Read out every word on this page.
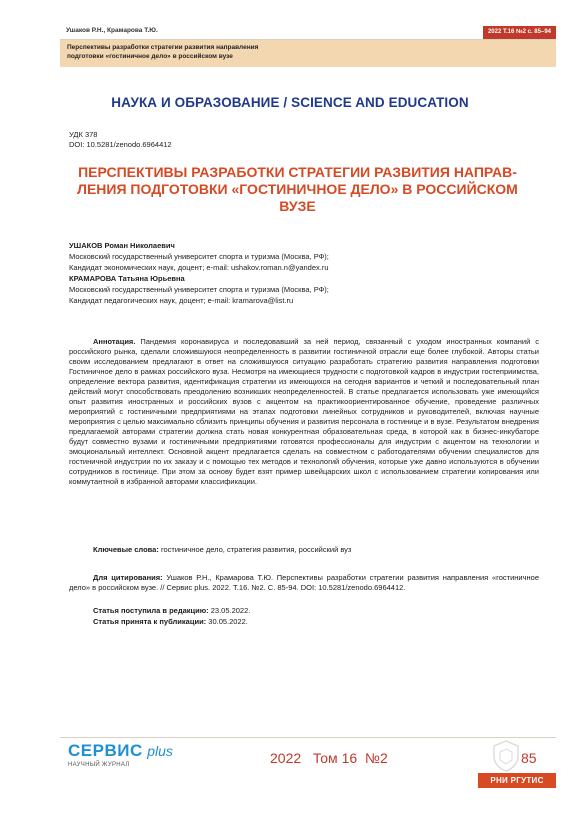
Ушаков Р.Н., Крамарова Т.Ю.	2022 Т.16 №2 с. 85–94
Перспективы разработки стратегии развития направления
подготовки «гостиничное дело» в российском вузе
НАУКА И ОБРАЗОВАНИЕ / SCIENCE AND EDUCATION
УДК 378
DOI: 10.5281/zenodo.6964412
ПЕРСПЕКТИВЫ РАЗРАБОТКИ СТРАТЕГИИ РАЗВИТИЯ НАПРАВ-
ЛЕНИЯ ПОДГОТОВКИ «ГОСТИНИЧНОЕ ДЕЛО» В РОССИЙСКОМ
ВУЗЕ
УШАКОВ Роман Николаевич
Московский государственный университет спорта и туризма (Москва, РФ);
Кандидат экономических наук, доцент; e-mail: ushakov.roman.n@yandex.ru
КРАМАРОВА Татьяна Юрьевна
Московский государственный университет спорта и туризма (Москва, РФ);
Кандидат педагогических наук, доцент; e-mail: kramarova@list.ru
Аннотация. Пандемия коронавируса и последовавший за ней период, связанный с уходом иностранных компаний с российского рынка, сделали сложившуюся неопределенность в развитии гостиничной отрасли еще более глубокой. Авторы статьи своим исследованием предлагают в ответ на сложившуюся ситуацию разработать стратегию развития направления подготовки Гостиничное дело в рамках российского вуза. Несмотря на имеющиеся трудности с подготовкой кадров в индустрии гостеприимства, определение вектора развития, идентификация стратегии из имеющихся на сегодня вариантов и четкий и последовательный план действий могут способствовать преодолению возникших неопределенностей. В статье предлагается использовать уже имеющийся опыт развития иностранных и российских вузов с акцентом на практикоориентированное обучение, проведение различных мероприятий с гостиничными предприятиями на этапах подготовки линейных сотрудников и руководителей, включая научные мероприятия с целью максимально сблизить принципы обучения и развития персонала в гостинице и в вузе. Результатом внедрения предлагаемой авторами стратегии должна стать новая конкурентная образовательная среда, в которой как в бизнес-инкубаторе будут совместно вузами и гостиничными предприятиями готовятся профессионалы для индустрии с акцентом на технологии и эмоциональный интеллект. Основной акцент предлагается сделать на совместном с работодателями обучении специалистов для гостиничной индустрии по их заказу и с помощью тех методов и технологий обучения, которые уже давно используются в обучении сотрудников в гостинице. При этом за основу будет взят пример швейцарских школ с использованием стратегии копирования или коммутантной в избранной авторами классификации.
Ключевые слова: гостиничное дело, стратегия развития, российский вуз
Для цитирования: Ушаков Р.Н., Крамарова Т.Ю. Перспективы разработки стратегии развития направления «гостиничное дело» в российском вузе. // Сервис plus. 2022. Т.16. №2. С. 85-94. DOI: 10.5281/zenodo.6964412.
Статья поступила в редакцию: 23.05.2022.
Статья принята к публикации: 30.05.2022.
СЕРВИС plus
НАУЧНЫЙ ЖУРНАЛ	2022   Том 16  №2	85
РНИ РГУТИС
